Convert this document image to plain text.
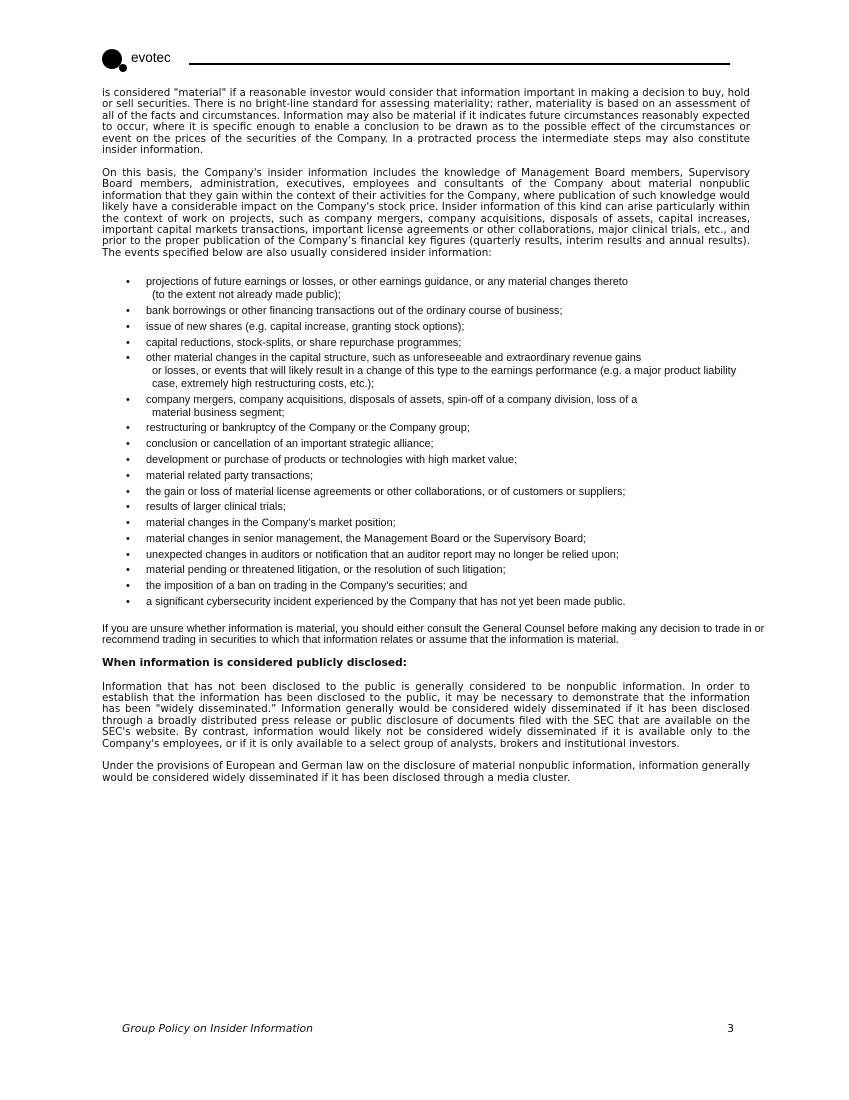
evotec

is considered "material" if a reasonable investor would consider that information important in making a decision to buy, hold or sell securities. There is no bright-line standard for assessing materiality; rather, materiality is based on an assessment of all of the facts and circumstances. Information may also be material if it indicates future circumstances reasonably expected to occur, where it is specific enough to enable a conclusion to be drawn as to the possible effect of the circumstances or event on the prices of the securities of the Company. In a protracted process the intermediate steps may also constitute insider information.

On this basis, the Company's insider information includes the knowledge of Management Board members, Supervisory Board members, administration, executives, employees and consultants of the Company about material nonpublic information that they gain within the context of their activities for the Company, where publication of such knowledge would likely have a considerable impact on the Company's stock price. Insider information of this kind can arise particularly within the context of work on projects, such as company mergers, company acquisitions, disposals of assets, capital increases, important capital markets transactions, important license agreements or other collaborations, major clinical trials, etc., and prior to the proper publication of the Company’s financial key figures (quarterly results, interim results and annual results). The events specified below are also usually considered insider information:

• projections of future earnings or losses, or other earnings guidance, or any material changes thereto
(to the extent not already made public);
• bank borrowings or other financing transactions out of the ordinary course of business;
• issue of new shares (e.g. capital increase, granting stock options);
• capital reductions, stock-splits, or share repurchase programmes;
• other material changes in the capital structure, such as unforeseeable and extraordinary revenue gains
or losses, or events that will likely result in a change of this type to the earnings performance (e.g. a major product liability case, extremely high restructuring costs, etc.);
• company mergers, company acquisitions, disposals of assets, spin-off of a company division, loss of a
material business segment;
• restructuring or bankruptcy of the Company or the Company group;
• conclusion or cancellation of an important strategic alliance;
• development or purchase of products or technologies with high market value;
• material related party transactions;
• the gain or loss of material license agreements or other collaborations, or of customers or suppliers;
• results of larger clinical trials;
• material changes in the Company's market position;
• material changes in senior management, the Management Board or the Supervisory Board;
• unexpected changes in auditors or notification that an auditor report may no longer be relied upon;
• material pending or threatened litigation, or the resolution of such litigation;
• the imposition of a ban on trading in the Company's securities; and
• a significant cybersecurity incident experienced by the Company that has not yet been made public.

If you are unsure whether information is material, you should either consult the General Counsel before making any decision to trade in or recommend trading in securities to which that information relates or assume that the information is material.

When information is considered publicly disclosed:

Information that has not been disclosed to the public is generally considered to be nonpublic information. In order to establish that the information has been disclosed to the public, it may be necessary to demonstrate that the information has been "widely disseminated.” Information generally would be considered widely disseminated if it has been disclosed through a broadly distributed press release or public disclosure of documents filed with the SEC that are available on the SEC's website. By contrast, information would likely not be considered widely disseminated if it is available only to the Company's employees, or if it is only available to a select group of analysts, brokers and institutional investors.

Under the provisions of European and German law on the disclosure of material nonpublic information, information generally would be considered widely disseminated if it has been disclosed through a media cluster.

Group Policy on Insider Information	3
